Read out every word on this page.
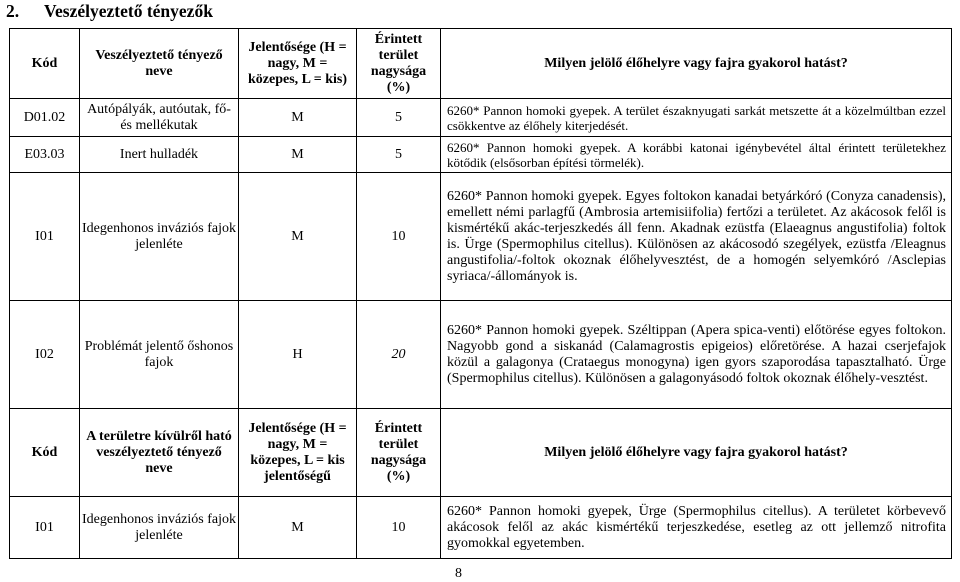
2. Veszélyeztető tényezők
Kód	Veszélyeztető tényező neve	Jelentősége (H = nagy, M = közepes, L = kis)	Érintett terület nagysága (%)	Milyen jelölő élőhelyre vagy fajra gyakorol hatást?
D01.02	Autópályák, autóutak, fő- és mellékutak	M	5	6260* Pannon homoki gyepek. A terület északnyugati sarkát metszette át a közelmúltban ezzel csökkentve az élőhely kiterjedését.
E03.03	Inert hulladék	M	5	6260* Pannon homoki gyepek. A korábbi katonai igénybevétel által érintett területekhez kötődik (elsősorban építési törmelék).
I01	Idegenhonos inváziós fajok jelenléte	M	10	6260* Pannon homoki gyepek. Egyes foltokon kanadai betyárkóró (Conyza canadensis), emellett némi parlagfű (Ambrosia artemisiifolia) fertőzi a területet. Az akácosok felől is kismértékű akác-terjeszkedés áll fenn. Akadnak ezüstfa (Elaeagnus angustifolia) foltok is. Ürge (Spermophilus citellus). Különösen az akácosodó szegélyek, ezüstfa /Eleagnus angustifolia/-foltok okoznak élőhelyvesztést, de a homogén selyemkóró /Asclepias syriaca/-állományok is.
I02	Problémát jelentő őshonos fajok	H	20	6260* Pannon homoki gyepek. Széltippan (Apera spica-venti) előtörése egyes foltokon. Nagyobb gond a siskanád (Calamagrostis epigeios) előretörése. A hazai cserjefajok közül a galagonya (Crataegus monogyna) igen gyors szaporodása tapasztalható. Ürge (Spermophilus citellus). Különösen a galagonyásodó foltok okoznak élőhely-vesztést.
Kód	A területre kívülről ható veszélyeztető tényező neve	Jelentősége (H = nagy, M = közepes, L = kis jelentőségű	Érintett terület nagysága (%)	Milyen jelölő élőhelyre vagy fajra gyakorol hatást?
I01	Idegenhonos inváziós fajok jelenléte	M	10	6260* Pannon homoki gyepek, Ürge (Spermophilus citellus). A területet körbevevő akácosok felől az akác kismértékű terjeszkedése, esetleg az ott jellemző nitrofita gyomokkal egyetemben.
8
